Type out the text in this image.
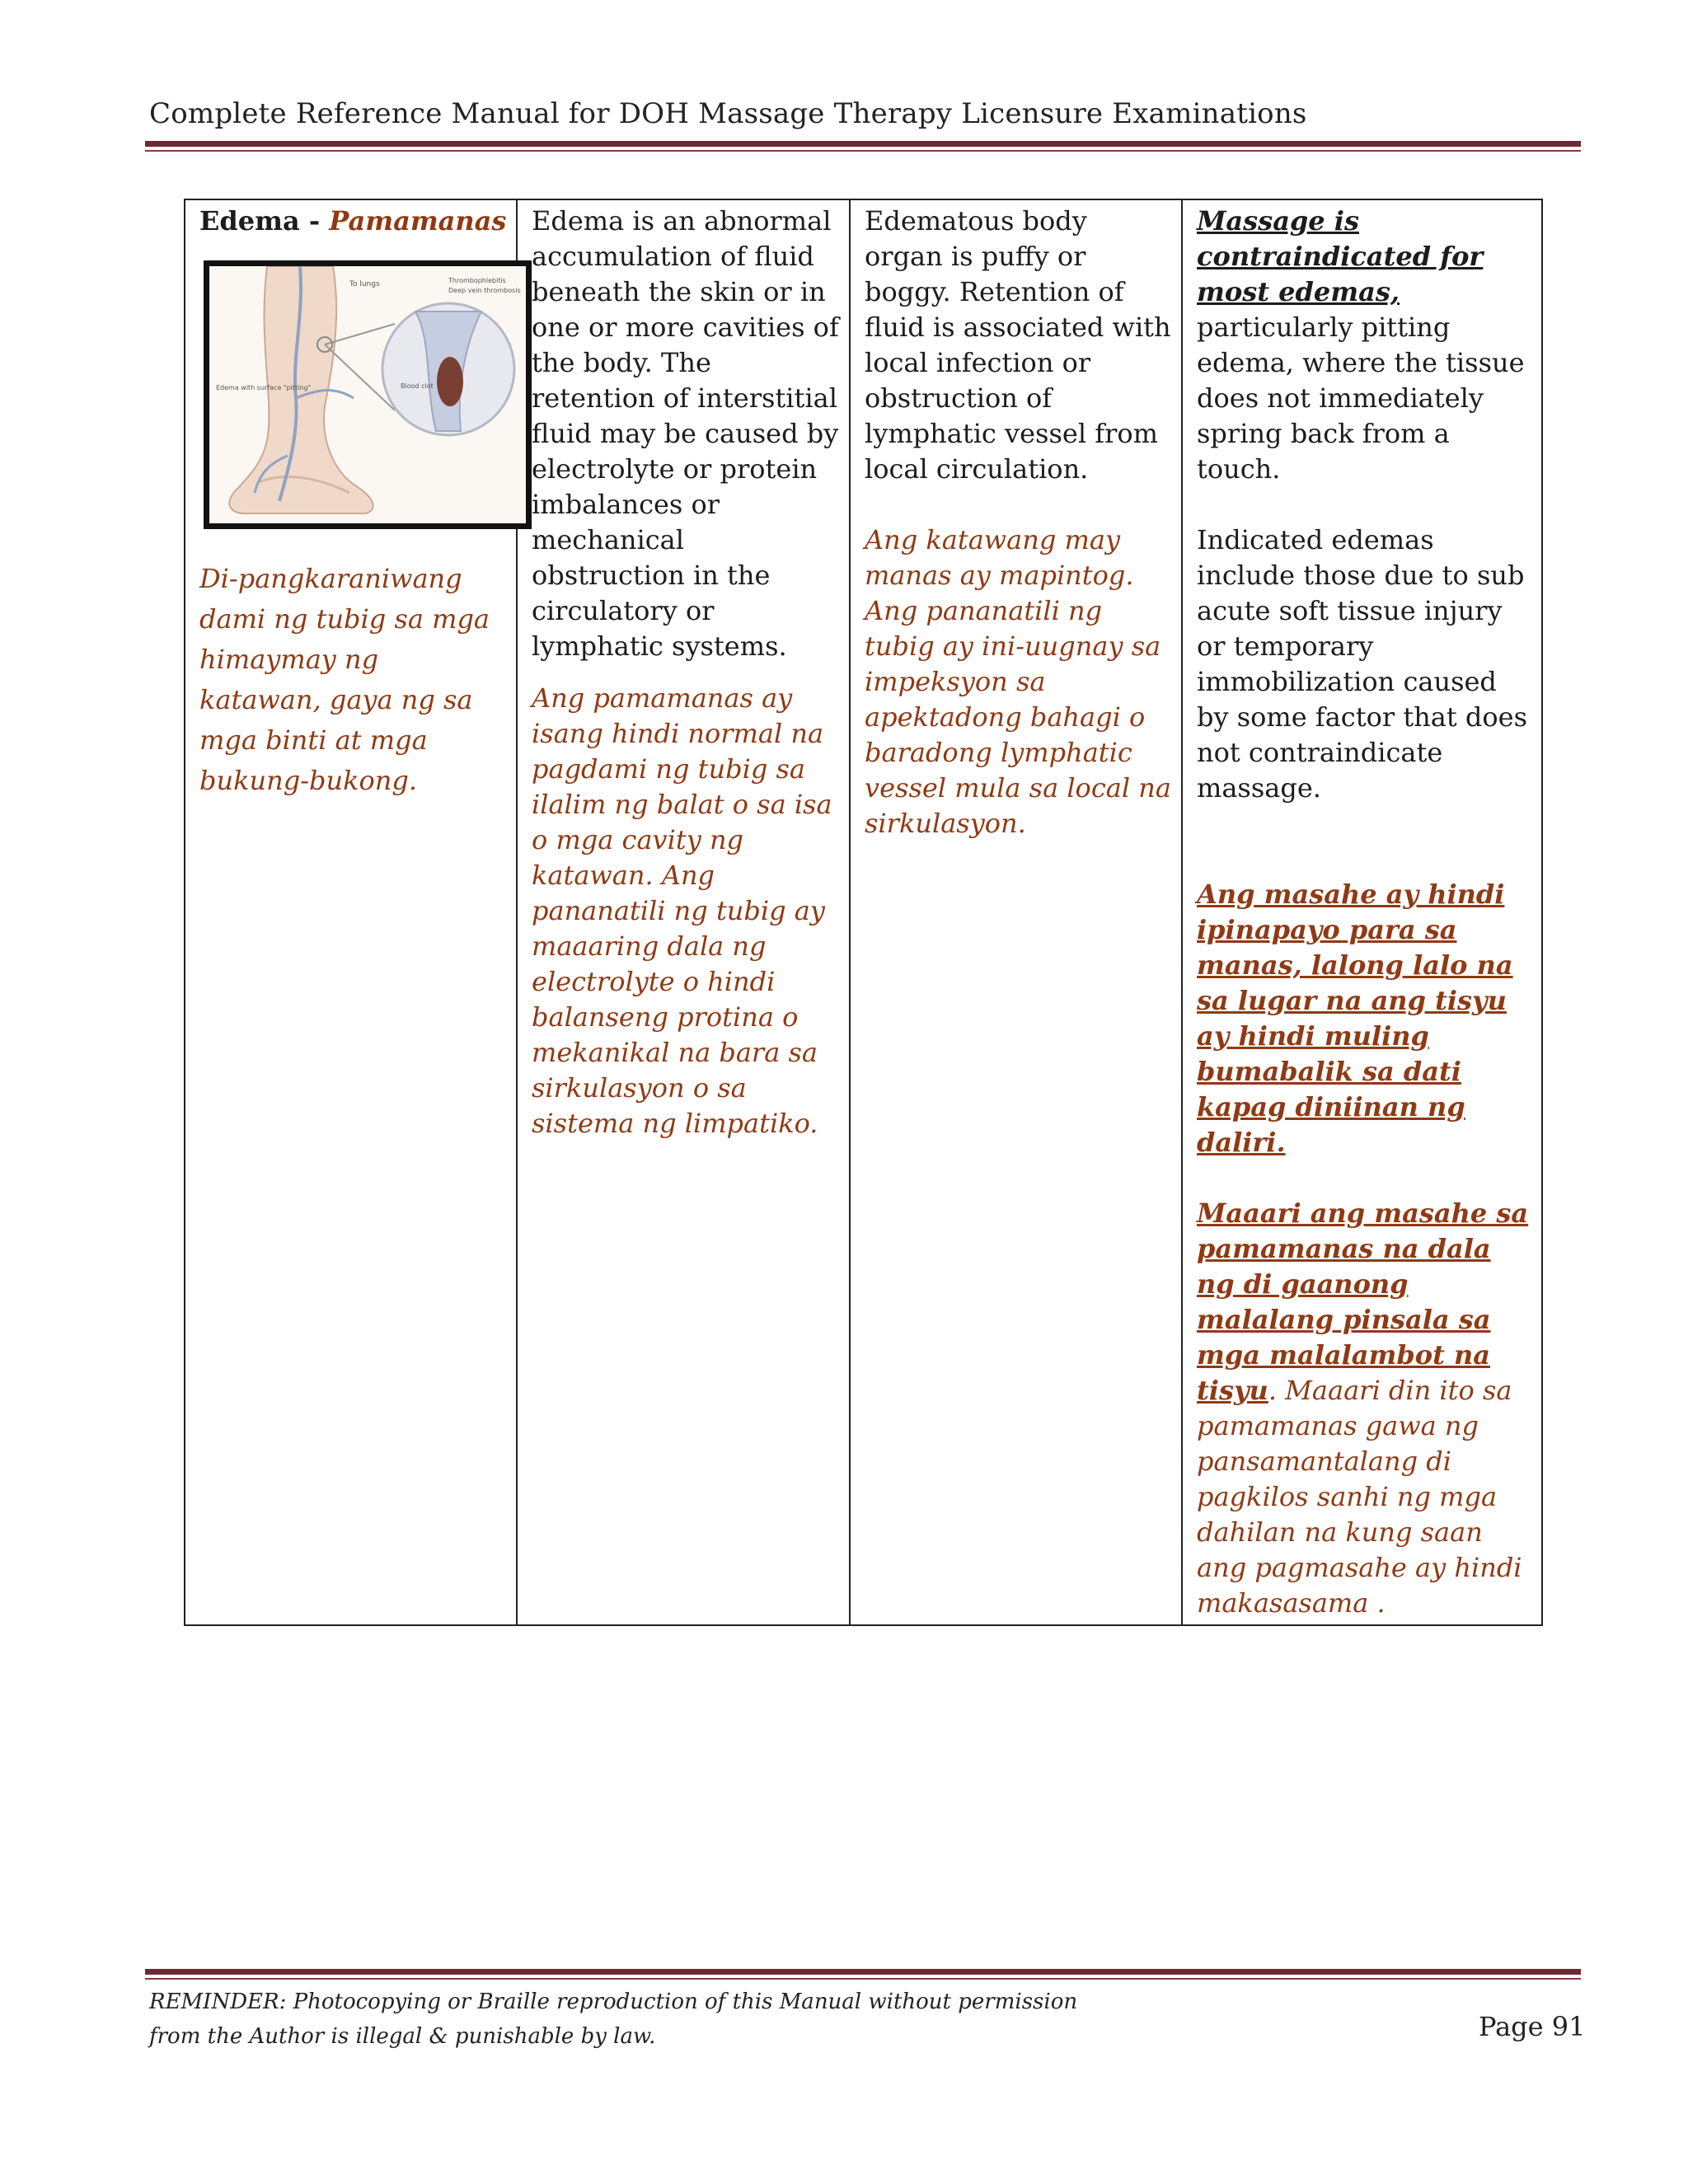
Complete Reference Manual for DOH Massage Therapy Licensure Examinations
Edema - Pamamanas
To lungs	Thrombophlebitis
Deep vein thrombosis
Blood clot
Edema with surface "pitting"
Di-pangkaraniwang dami ng tubig sa mga himaymay ng katawan, gaya ng sa mga binti at mga bukung-bukong.

Edema is an abnormal accumulation of fluid beneath the skin or in one or more cavities of the body. The retention of interstitial fluid may be caused by electrolyte or protein imbalances or mechanical obstruction in the circulatory or lymphatic systems.
Ang pamamanas ay isang hindi normal na pagdami ng tubig sa ilalim ng balat o sa isa o mga cavity ng katawan. Ang pananatili ng tubig ay maaaring dala ng electrolyte o hindi balanseng protina o mekanikal na bara sa sirkulasyon o sa sistema ng limpatiko.

Edematous body organ is puffy or boggy. Retention of fluid is associated with local infection or obstruction of lymphatic vessel from local circulation.
Ang katawang may manas ay mapintog. Ang pananatili ng tubig ay ini-uugnay sa impeksyon sa apektadong bahagi o baradong lymphatic vessel mula sa local na sirkulasyon.

Massage is contraindicated for most edemas, particularly pitting edema, where the tissue does not immediately spring back from a touch.
Indicated edemas include those due to sub acute soft tissue injury or temporary immobilization caused by some factor that does not contraindicate massage.
Ang masahe ay hindi ipinapayo para sa manas, lalong lalo na sa lugar na ang tisyu ay hindi muling bumabalik sa dati kapag diniinan ng daliri.
Maaari ang masahe sa pamamanas na dala ng di gaanong malalang pinsala sa mga malalambot na tisyu. Maaari din ito sa pamamanas gawa ng pansamantalang di pagkilos sanhi ng mga dahilan na kung saan ang pagmasahe ay hindi makasasama .
REMINDER: Photocopying or Braille reproduction of this Manual without permission
from the Author is illegal & punishable by law.	Page 91
